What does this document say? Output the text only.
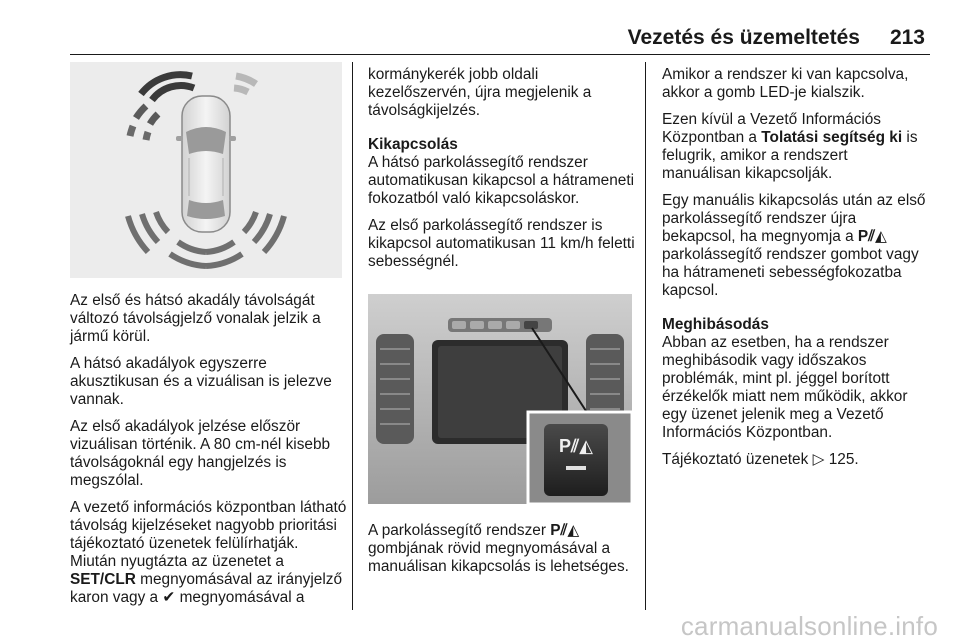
Vezetés és üzemeltetés 213

Az első és hátsó akadály távolságát változó távolságjelző vonalak jelzik a jármű körül.

A hátsó akadályok egyszerre akusztikusan és a vizuálisan is jelezve vannak.

Az első akadályok jelzése először vizuálisan történik. A 80 cm-nél kisebb távolságoknál egy hangjelzés is megszólal.

A vezető információs központban látható távolság kijelzéseket nagyobb prioritási tájékoztató üzenetek felülírhatják. Miután nyugtázta az üzenetet a SET/CLR megnyomásával az irányjelző karon vagy a ✔ megnyomásával a

kormánykerék jobb oldali kezelőszervén, újra megjelenik a távolságkijelzés.

Kikapcsolás

A hátsó parkolássegítő rendszer automatikusan kikapcsol a hátrameneti fokozatból való kikapcsoláskor.

Az első parkolássegítő rendszer is kikapcsol automatikusan 11 km/h feletti sebességnél.

P⫽◭

A parkolássegítő rendszer P⫽◭ gombjának rövid megnyomásával a manuálisan kikapcsolás is lehetséges.

Amikor a rendszer ki van kapcsolva, akkor a gomb LED-je kialszik.

Ezen kívül a Vezető Információs Központban a Tolatási segítség ki is felugrik, amikor a rendszert manuálisan kikapcsolják.

Egy manuális kikapcsolás után az első parkolássegítő rendszer újra bekapcsol, ha megnyomja a P⫽◭ parkolássegítő rendszer gombot vagy ha hátrameneti sebességfokozatba kapcsol.

Meghibásodás

Abban az esetben, ha a rendszer meghibásodik vagy időszakos problémák, mint pl. jéggel borított érzékelők miatt nem működik, akkor egy üzenet jelenik meg a Vezető Információs Központban.

Tájékoztató üzenetek ▷ 125.

carmanualsonline.info
